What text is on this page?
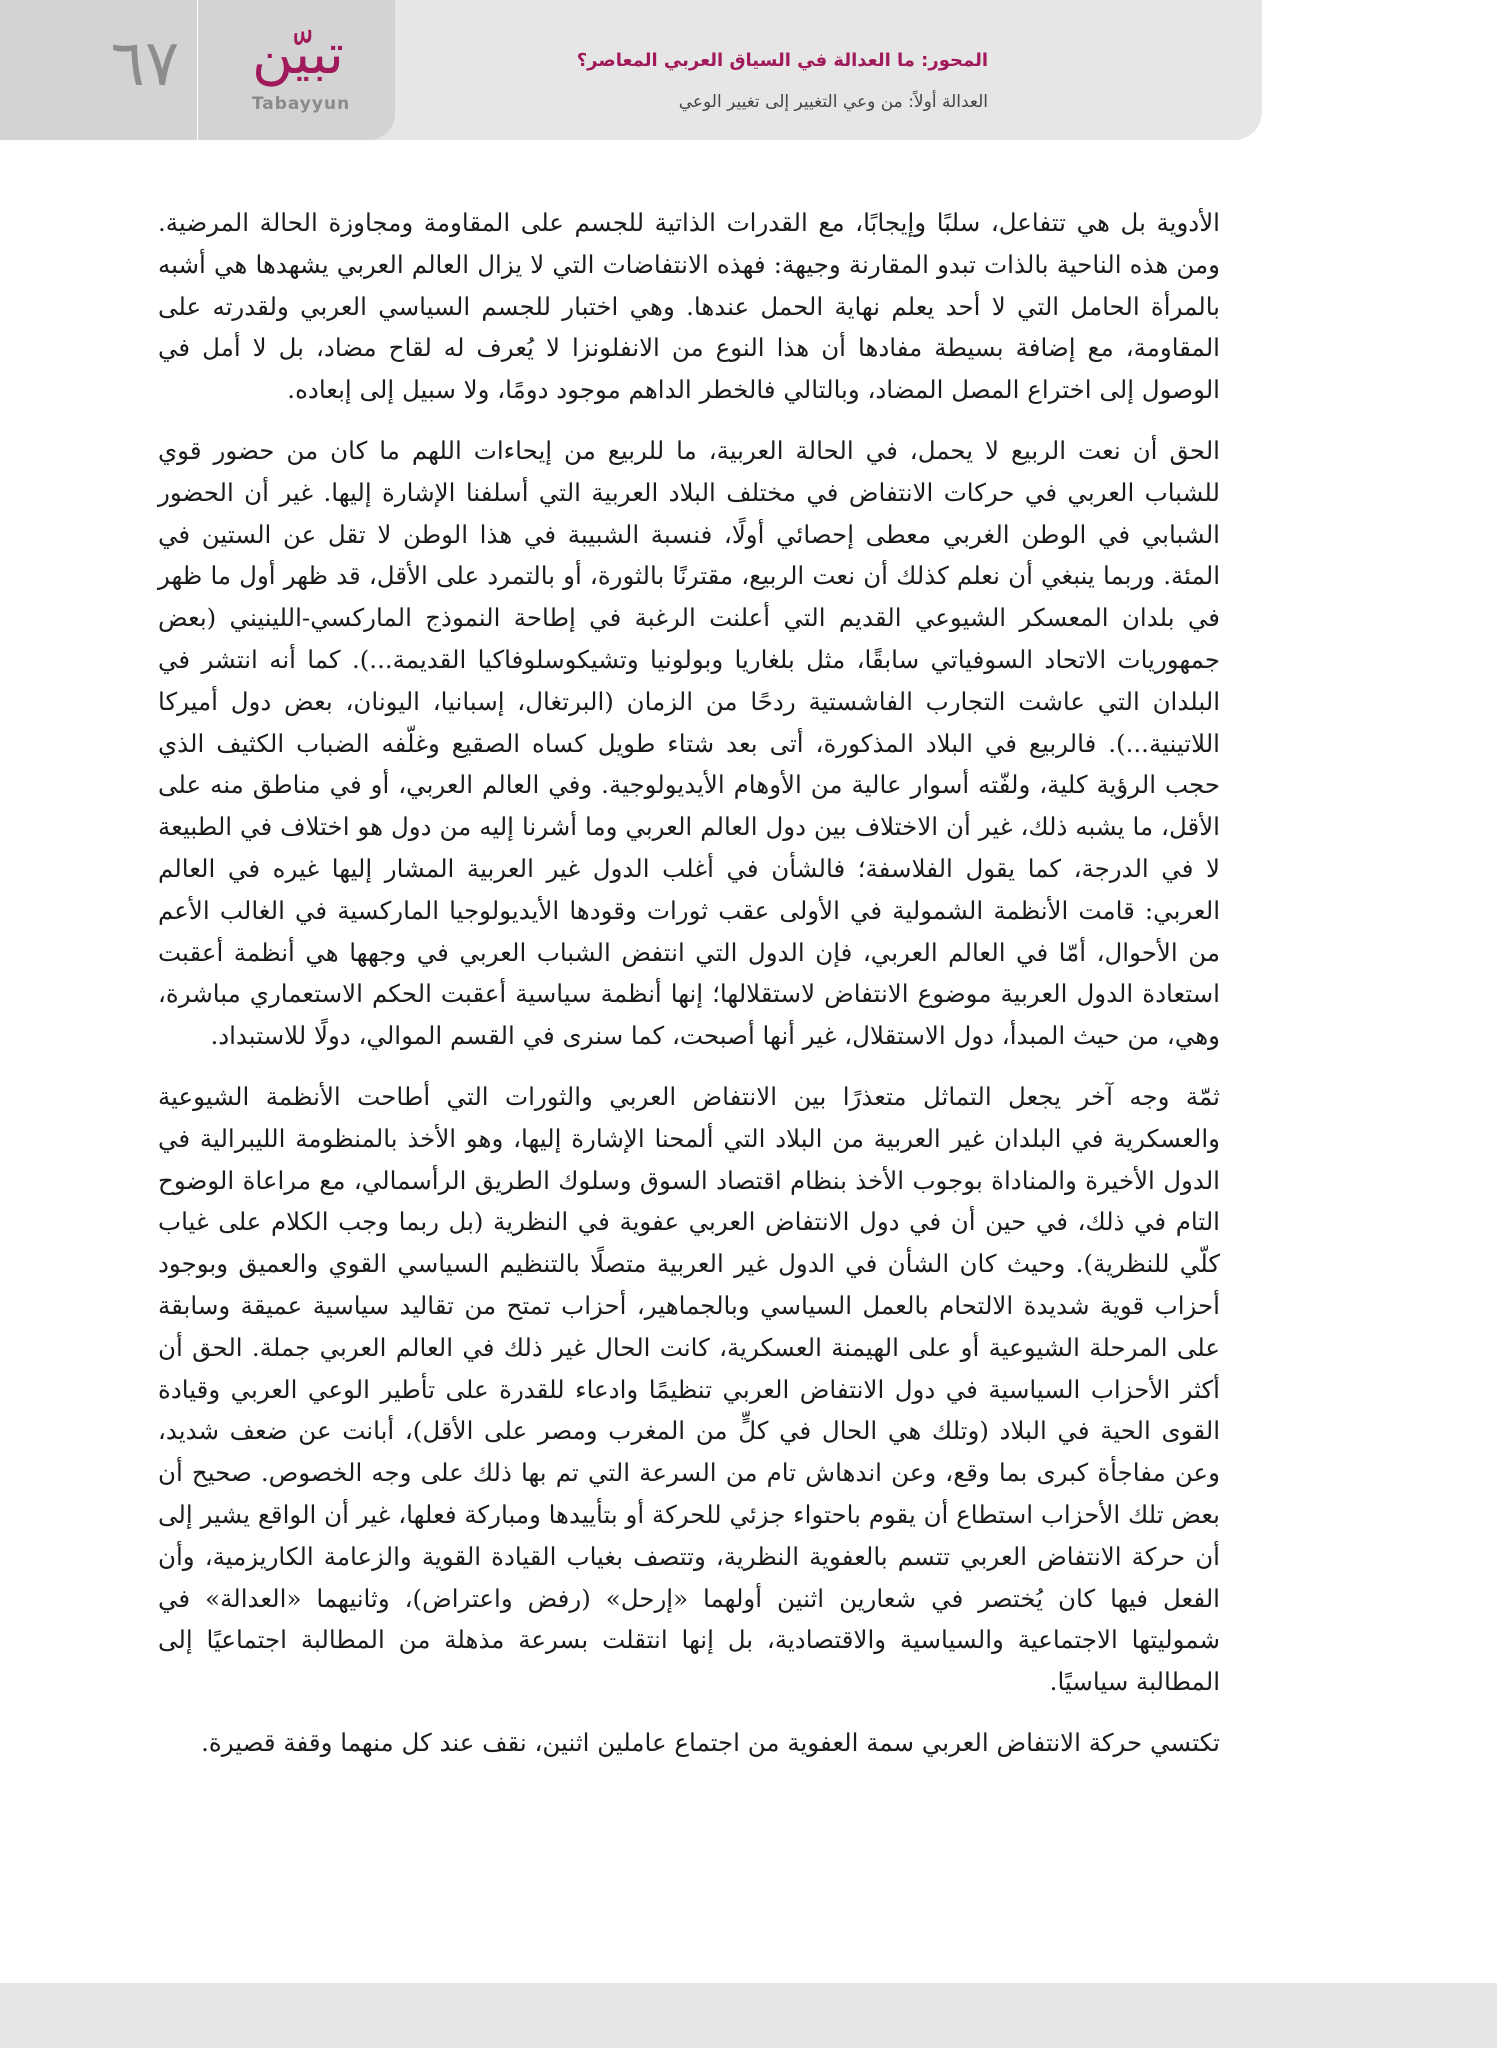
٦٧	تبيّن
Tabayyun
المحور: ما العدالة في السياق العربي المعاصر؟
العدالة أولاً: من وعي التغيير إلى تغيير الوعي

الأدوية بل هي تتفاعل، سلبًا وإيجابًا، مع القدرات الذاتية للجسم على المقاومة ومجاوزة الحالة المرضية. ومن هذه الناحية بالذات تبدو المقارنة وجيهة: فهذه الانتفاضات التي لا يزال العالم العربي يشهدها هي أشبه بالمرأة الحامل التي لا أحد يعلم نهاية الحمل عندها. وهي اختبار للجسم السياسي العربي ولقدرته على المقاومة، مع إضافة بسيطة مفادها أن هذا النوع من الانفلونزا لا يُعرف له لقاح مضاد، بل لا أمل في الوصول إلى اختراع المصل المضاد، وبالتالي فالخطر الداهم موجود دومًا، ولا سبيل إلى إبعاده.

الحق أن نعت الربيع لا يحمل، في الحالة العربية، ما للربيع من إيحاءات اللهم ما كان من حضور قوي للشباب العربي في حركات الانتفاض في مختلف البلاد العربية التي أسلفنا الإشارة إليها. غير أن الحضور الشبابي في الوطن الغربي معطى إحصائي أولًا، فنسبة الشبيبة في هذا الوطن لا تقل عن الستين في المئة. وربما ينبغي أن نعلم كذلك أن نعت الربيع، مقترنًا بالثورة، أو بالتمرد على الأقل، قد ظهر أول ما ظهر في بلدان المعسكر الشيوعي القديم التي أعلنت الرغبة في إطاحة النموذج الماركسي-اللينيني (بعض جمهوريات الاتحاد السوفياتي سابقًا، مثل بلغاريا وبولونيا وتشيكوسلوفاكيا القديمة...). كما أنه انتشر في البلدان التي عاشت التجارب الفاشستية ردحًا من الزمان (البرتغال، إسبانيا، اليونان، بعض دول أميركا اللاتينية...). فالربيع في البلاد المذكورة، أتى بعد شتاء طويل كساه الصقيع وغلّفه الضباب الكثيف الذي حجب الرؤية كلية، ولفّته أسوار عالية من الأوهام الأيديولوجية. وفي العالم العربي، أو في مناطق منه على الأقل، ما يشبه ذلك، غير أن الاختلاف بين دول العالم العربي وما أشرنا إليه من دول هو اختلاف في الطبيعة لا في الدرجة، كما يقول الفلاسفة؛ فالشأن في أغلب الدول غير العربية المشار إليها غيره في العالم العربي: قامت الأنظمة الشمولية في الأولى عقب ثورات وقودها الأيديولوجيا الماركسية في الغالب الأعم من الأحوال، أمّا في العالم العربي، فإن الدول التي انتفض الشباب العربي في وجهها هي أنظمة أعقبت استعادة الدول العربية موضوع الانتفاض لاستقلالها؛ إنها أنظمة سياسية أعقبت الحكم الاستعماري مباشرة، وهي، من حيث المبدأ، دول الاستقلال، غير أنها أصبحت، كما سنرى في القسم الموالي، دولًا للاستبداد.

ثمّة وجه آخر يجعل التماثل متعذرًا بين الانتفاض العربي والثورات التي أطاحت الأنظمة الشيوعية والعسكرية في البلدان غير العربية من البلاد التي ألمحنا الإشارة إليها، وهو الأخذ بالمنظومة الليبرالية في الدول الأخيرة والمناداة بوجوب الأخذ بنظام اقتصاد السوق وسلوك الطريق الرأسمالي، مع مراعاة الوضوح التام في ذلك، في حين أن في دول الانتفاض العربي عفوية في النظرية (بل ربما وجب الكلام على غياب كلّي للنظرية). وحيث كان الشأن في الدول غير العربية متصلًا بالتنظيم السياسي القوي والعميق وبوجود أحزاب قوية شديدة الالتحام بالعمل السياسي وبالجماهير، أحزاب تمتح من تقاليد سياسية عميقة وسابقة على المرحلة الشيوعية أو على الهيمنة العسكرية، كانت الحال غير ذلك في العالم العربي جملة. الحق أن أكثر الأحزاب السياسية في دول الانتفاض العربي تنظيمًا وادعاء للقدرة على تأطير الوعي العربي وقيادة القوى الحية في البلاد (وتلك هي الحال في كلٍّ من المغرب ومصر على الأقل)، أبانت عن ضعف شديد، وعن مفاجأة كبرى بما وقع، وعن اندهاش تام من السرعة التي تم بها ذلك على وجه الخصوص. صحيح أن بعض تلك الأحزاب استطاع أن يقوم باحتواء جزئي للحركة أو بتأييدها ومباركة فعلها، غير أن الواقع يشير إلى أن حركة الانتفاض العربي تتسم بالعفوية النظرية، وتتصف بغياب القيادة القوية والزعامة الكاريزمية، وأن الفعل فيها كان يُختصر في شعارين اثنين أولهما «إرحل» (رفض واعتراض)، وثانيهما «العدالة» في شموليتها الاجتماعية والسياسية والاقتصادية، بل إنها انتقلت بسرعة مذهلة من المطالبة اجتماعيًا إلى المطالبة سياسيًا.

تكتسي حركة الانتفاض العربي سمة العفوية من اجتماع عاملين اثنين، نقف عند كل منهما وقفة قصيرة.
